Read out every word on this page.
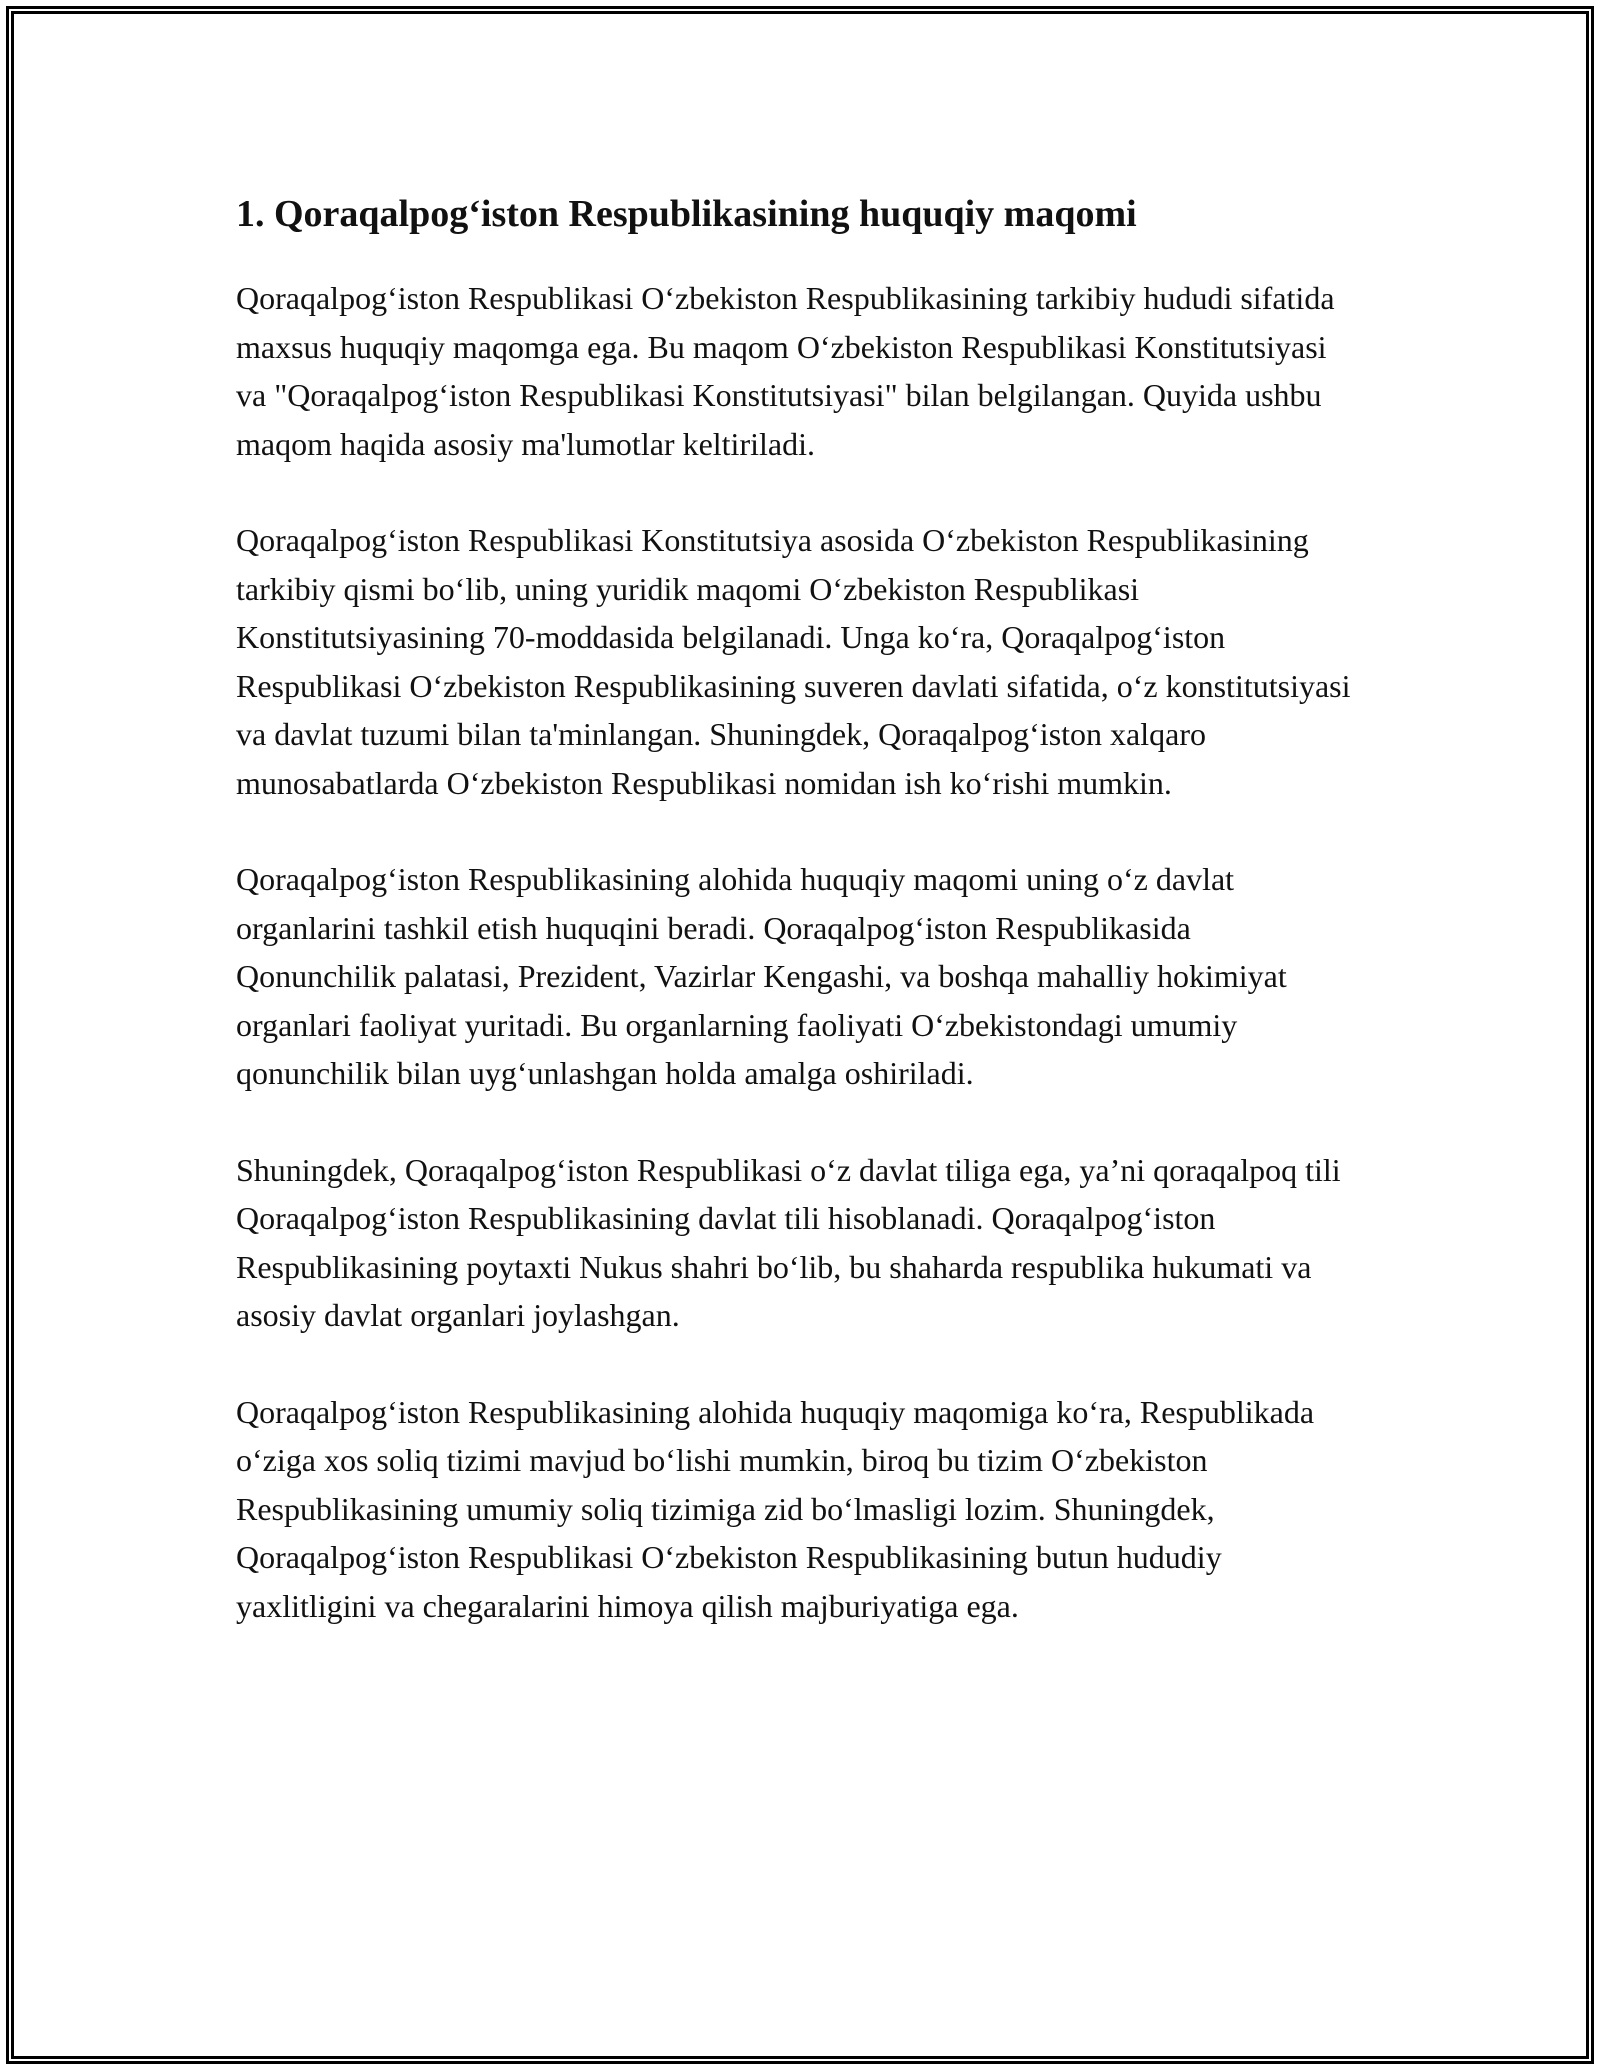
1. Qoraqalpog‘iston Respublikasining huquqiy maqomi

Qoraqalpog‘iston Respublikasi O‘zbekiston Respublikasining tarkibiy hududi sifatida maxsus huquqiy maqomga ega. Bu maqom O‘zbekiston Respublikasi Konstitutsiyasi va "Qoraqalpog‘iston Respublikasi Konstitutsiyasi" bilan belgilangan. Quyida ushbu maqom haqida asosiy ma'lumotlar keltiriladi.

Qoraqalpog‘iston Respublikasi Konstitutsiya asosida O‘zbekiston Respublikasining tarkibiy qismi bo‘lib, uning yuridik maqomi O‘zbekiston Respublikasi Konstitutsiyasining 70-moddasida belgilanadi. Unga ko‘ra, Qoraqalpog‘iston Respublikasi O‘zbekiston Respublikasining suveren davlati sifatida, o‘z konstitutsiyasi va davlat tuzumi bilan ta'minlangan. Shuningdek, Qoraqalpog‘iston xalqaro munosabatlarda O‘zbekiston Respublikasi nomidan ish ko‘rishi mumkin.

Qoraqalpog‘iston Respublikasining alohida huquqiy maqomi uning o‘z davlat organlarini tashkil etish huquqini beradi. Qoraqalpog‘iston Respublikasida Qonunchilik palatasi, Prezident, Vazirlar Kengashi, va boshqa mahalliy hokimiyat organlari faoliyat yuritadi. Bu organlarning faoliyati O‘zbekistondagi umumiy qonunchilik bilan uyg‘unlashgan holda amalga oshiriladi.

Shuningdek, Qoraqalpog‘iston Respublikasi o‘z davlat tiliga ega, ya’ni qoraqalpoq tili Qoraqalpog‘iston Respublikasining davlat tili hisoblanadi. Qoraqalpog‘iston Respublikasining poytaxti Nukus shahri bo‘lib, bu shaharda respublika hukumati va asosiy davlat organlari joylashgan.

Qoraqalpog‘iston Respublikasining alohida huquqiy maqomiga ko‘ra, Respublikada o‘ziga xos soliq tizimi mavjud bo‘lishi mumkin, biroq bu tizim O‘zbekiston Respublikasining umumiy soliq tizimiga zid bo‘lmasligi lozim. Shuningdek, Qoraqalpog‘iston Respublikasi O‘zbekiston Respublikasining butun hududiy yaxlitligini va chegaralarini himoya qilish majburiyatiga ega.
